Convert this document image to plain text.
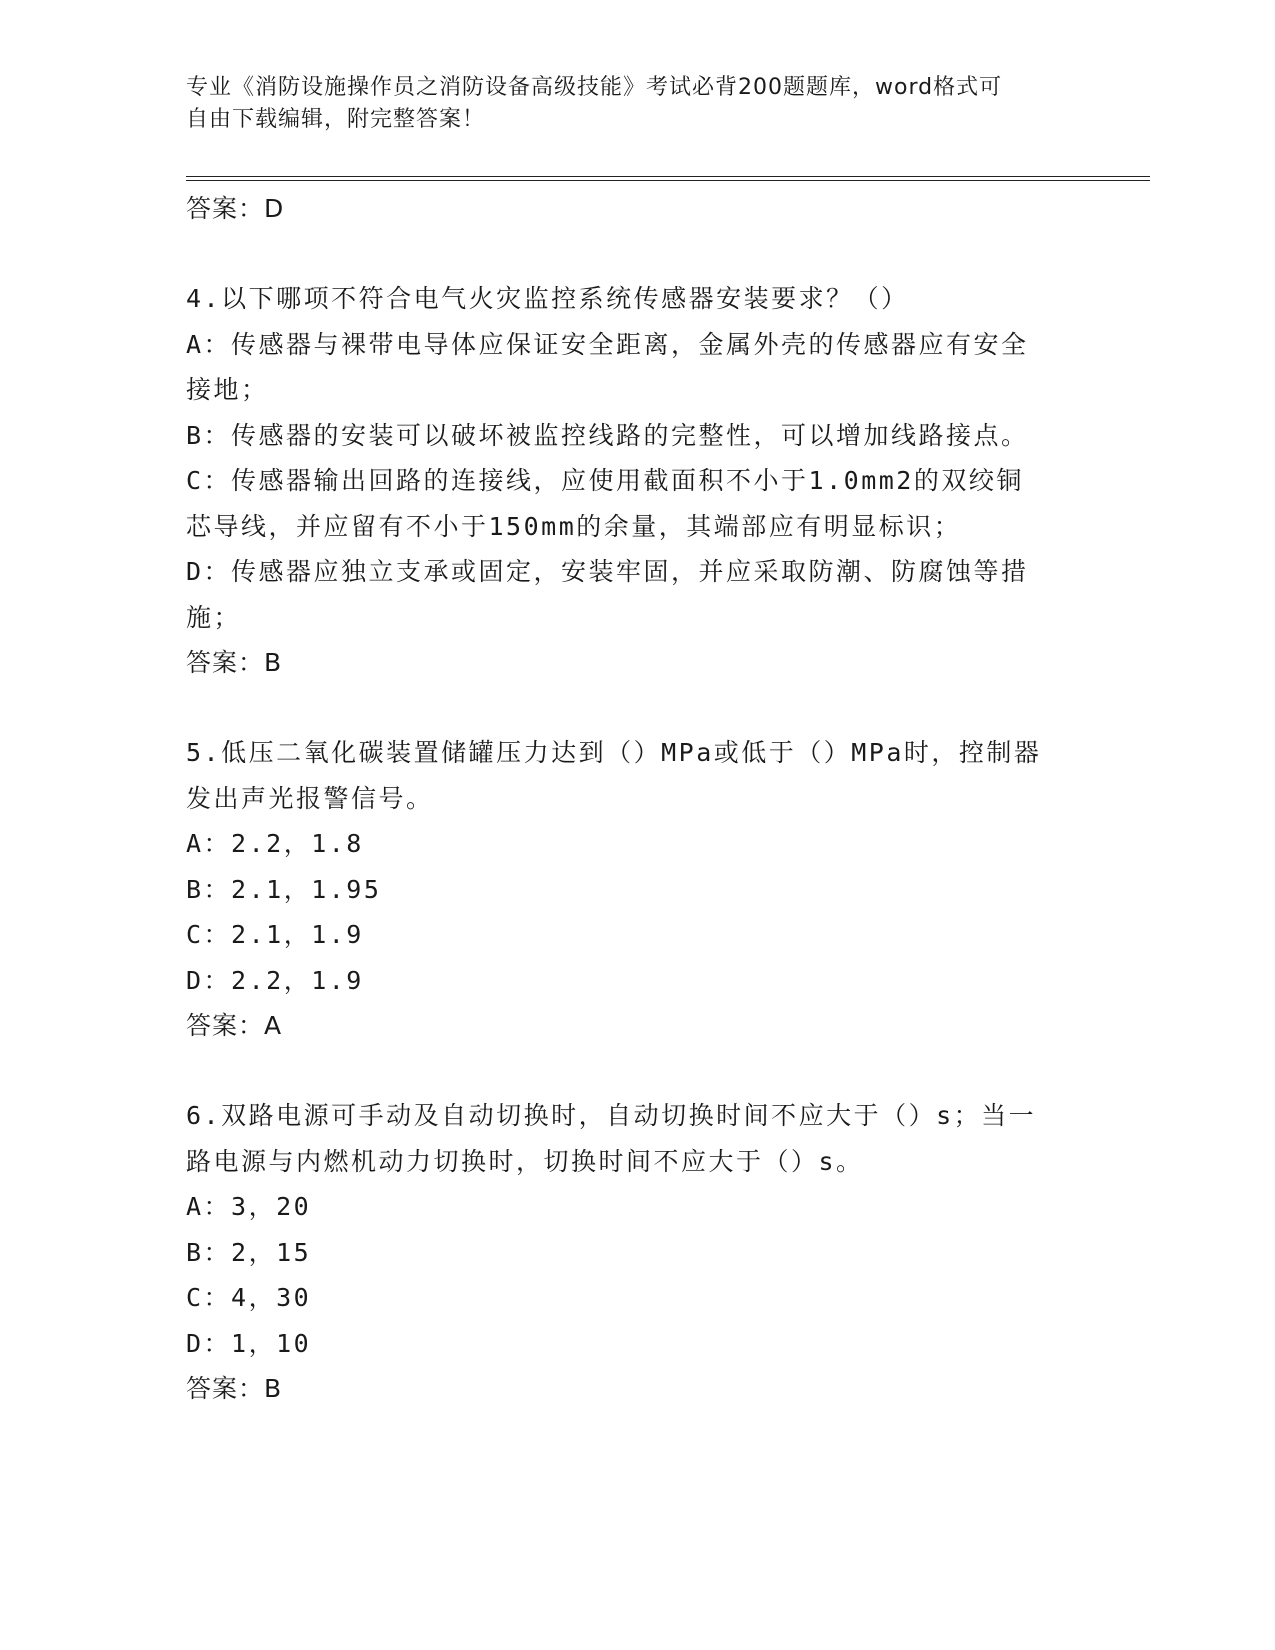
专业《消防设施操作员之消防设备高级技能》考试必背200题题库，word格式可
自由下载编辑，附完整答案！
答案：D
4.以下哪项不符合电气火灾监控系统传感器安装要求？（）
A：传感器与裸带电导体应保证安全距离，金属外壳的传感器应有安全
接地；
B：传感器的安装可以破坏被监控线路的完整性，可以增加线路接点。
C：传感器输出回路的连接线，应使用截面积不小于1.0mm2的双绞铜
芯导线，并应留有不小于150mm的余量，其端部应有明显标识；
D：传感器应独立支承或固定，安装牢固，并应采取防潮、防腐蚀等措
施；
答案：B
5.低压二氧化碳装置储罐压力达到（）MPa或低于（）MPa时，控制器
发出声光报警信号。
A：2.2，1.8
B：2.1，1.95
C：2.1，1.9
D：2.2，1.9
答案：A
6.双路电源可手动及自动切换时，自动切换时间不应大于（）s；当一
路电源与内燃机动力切换时，切换时间不应大于（）s。
A：3，20
B：2，15
C：4，30
D：1，10
答案：B
